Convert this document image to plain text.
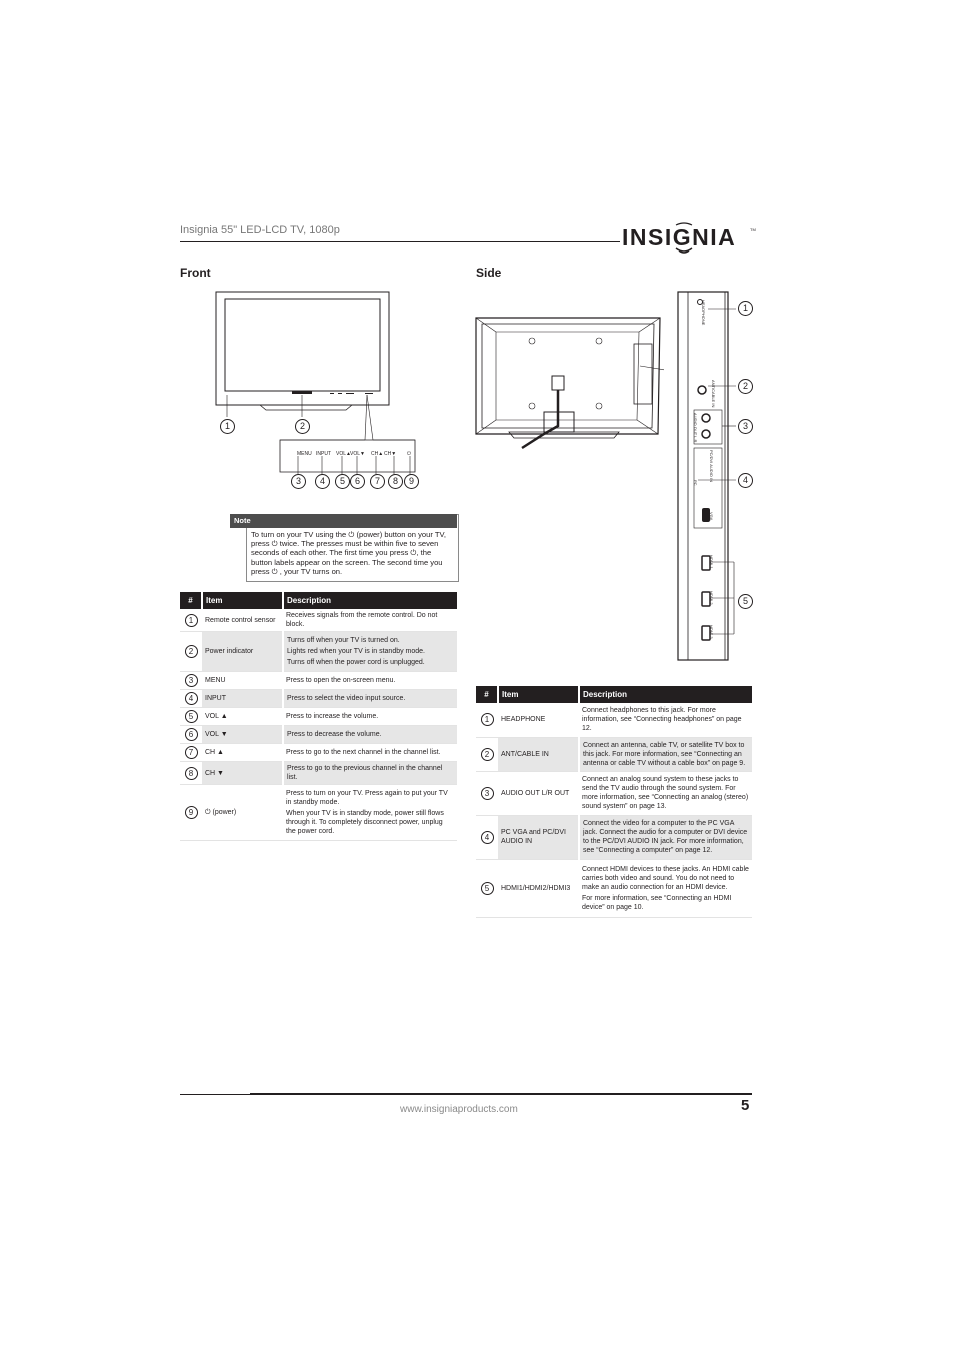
Insignia 55" LED-LCD TV, 1080p	INSIGNIA	TM
Front	Side
MENU INPUT VOL▲ VOL▼ CH▲ CH▼ ⏻
1	2
3	4	5	6	7	8	9
Note
To turn on your TV using the ⏻ (power) button on your TV, press ⏻ twice. The presses must be within five to seven seconds of each other. The first time you press ⏻, the button labels appear on the screen. The second time you press ⏻ , your TV turns on.
#	Item	Description
1	Remote control sensor	Receives signals from the remote control. Do not block.

2	Power indicator	Turns off when your TV is turned on.
Lights red when your TV is in standby mode.
Turns off when the power cord is unplugged.

3	MENU	Press to open the on-screen menu.

4	INPUT	Press to select the video input source.

5	VOL ▲	Press to increase the volume.

6	VOL ▼	Press to decrease the volume.

7	CH ▲	Press to go to the next channel in the channel list.

8	CH ▼	Press to go to the previous channel in the channel list.

9	⏻ (power)	Press to turn on your TV. Press again to put your TV in standby mode.
When your TV is in standby mode, power still flows through it. To completely disconnect power, unplug the power cord.
HEADPHONE
ANT/CABLE IN
AUDIO OUT L R
PC/DVI AUDIO IN
PC
VGA
HDMI 1
HDMI 2
HDMI 3
1
2
3
4
5
#	Item	Description
1	HEADPHONE	Connect headphones to this jack. For more information, see “Connecting headphones” on page 12.

2	ANT/CABLE IN	Connect an antenna, cable TV, or satellite TV box to this jack. For more information, see “Connecting an antenna or cable TV without a cable box” on page 9.

3	AUDIO OUT L/R OUT	Connect an analog sound system to these jacks to send the TV audio through the sound system. For more information, see “Connecting an analog (stereo) sound system” on page 13.

4	PC VGA and PC/DVI AUDIO IN	Connect the video for a computer to the PC VGA jack. Connect the audio for a computer or DVI device to the PC/DVI AUDIO IN jack. For more information, see “Connecting a computer” on page 12.

5	HDMI1/HDMI2/HDMI3	Connect HDMI devices to these jacks. An HDMI cable carries both video and sound. You do not need to make an audio connection for an HDMI device.
For more information, see “Connecting an HDMI device” on page 10.
www.insigniaproducts.com	5
